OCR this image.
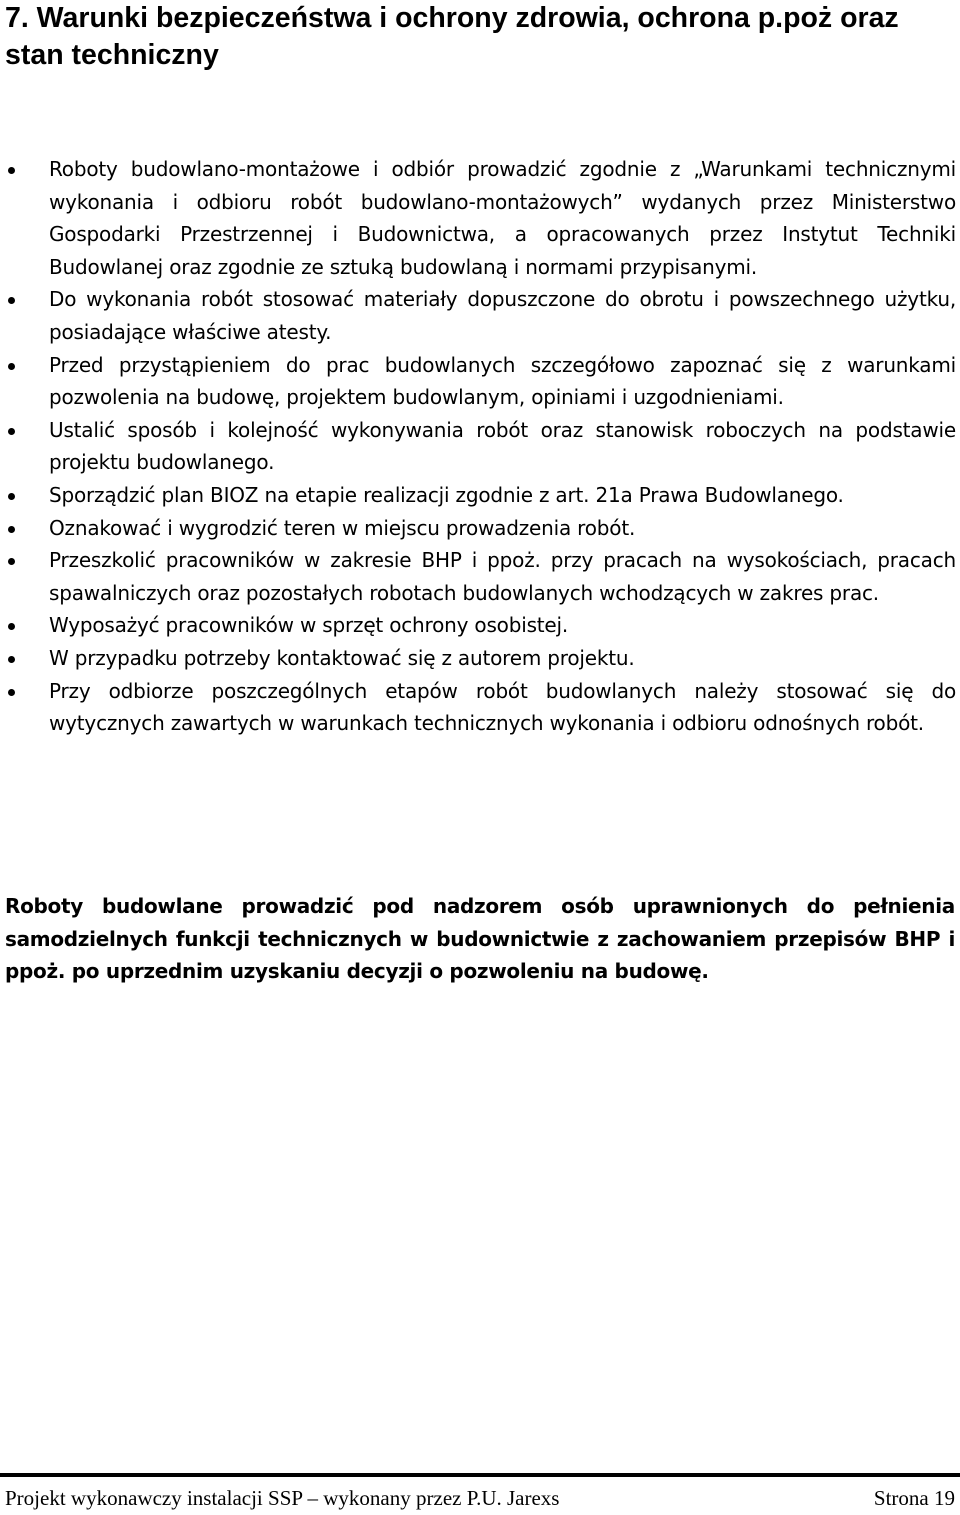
7. Warunki bezpieczeństwa i ochrony zdrowia, ochrona p.poż oraz stan techniczny
Roboty budowlano-montażowe i odbiór prowadzić zgodnie z „Warunkami technicznymi wykonania i odbioru robót budowlano-montażowych” wydanych przez Ministerstwo Gospodarki Przestrzennej i Budownictwa, a opracowanych przez Instytut Techniki Budowlanej oraz zgodnie ze sztuką budowlaną i normami przypisanymi.
Do wykonania robót stosować materiały dopuszczone do obrotu i powszechnego użytku, posiadające właściwe atesty.
Przed przystąpieniem do prac budowlanych szczegółowo zapoznać się z warunkami pozwolenia na budowę, projektem budowlanym, opiniami i uzgodnieniami.
Ustalić sposób i kolejność wykonywania robót oraz stanowisk roboczych na podstawie projektu budowlanego.
Sporządzić plan BIOZ na etapie realizacji zgodnie z art. 21a Prawa Budowlanego.
Oznakować i wygrodzić teren w miejscu prowadzenia robót.
Przeszkolić pracowników w zakresie BHP i ppoż. przy pracach na wysokościach, pracach spawalniczych oraz pozostałych robotach budowlanych wchodzących w zakres prac.
Wyposażyć pracowników w sprzęt ochrony osobistej.
W przypadku potrzeby kontaktować się z autorem projektu.
Przy odbiorze poszczególnych etapów robót budowlanych należy stosować się do wytycznych zawartych w warunkach technicznych wykonania i odbioru odnośnych robót.

Roboty budowlane prowadzić pod nadzorem osób uprawnionych do pełnienia samodzielnych funkcji technicznych w budownictwie z zachowaniem przepisów BHP i ppoż. po uprzednim uzyskaniu decyzji o pozwoleniu na budowę.

Projekt wykonawczy instalacji SSP – wykonany przez P.U. Jarexs	Strona 19
